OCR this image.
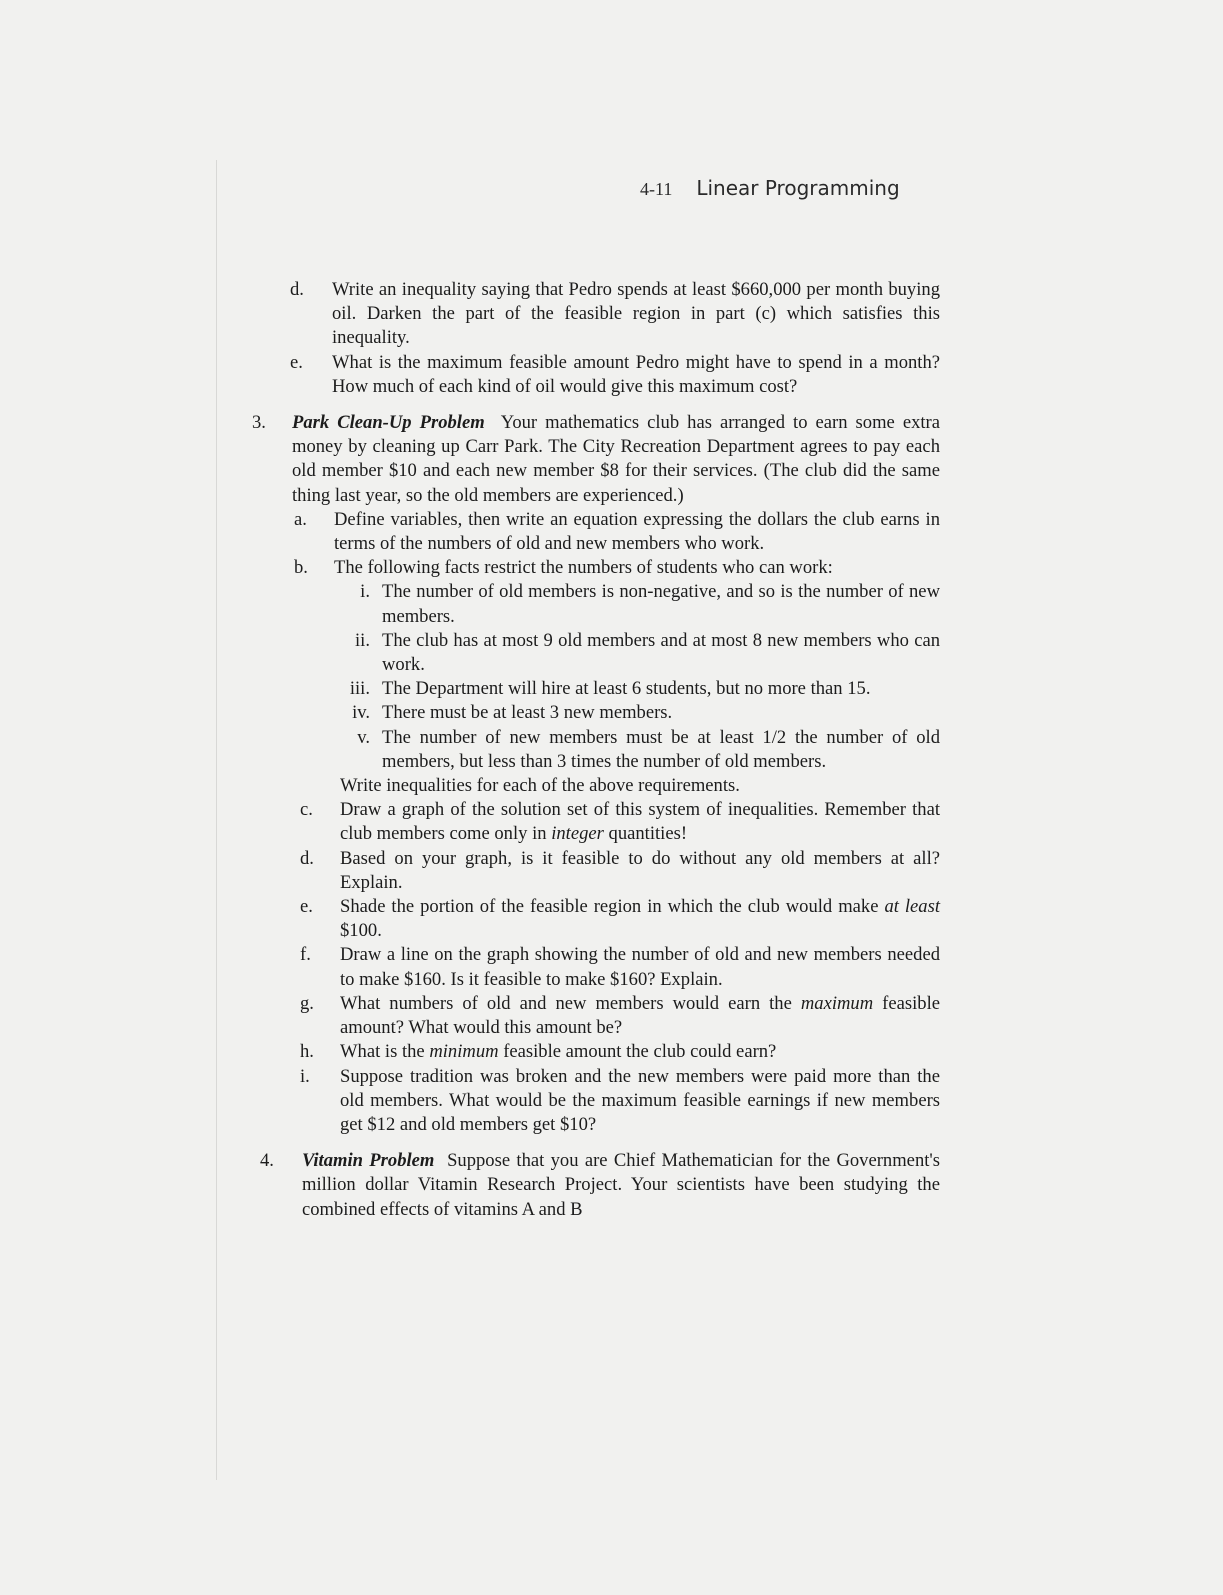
4-11 Linear Programming
d. Write an inequality saying that Pedro spends at least $660,000 per month buying oil. Darken the part of the feasible region in part (c) which satisfies this inequality.
e. What is the maximum feasible amount Pedro might have to spend in a month? How much of each kind of oil would give this maximum cost?
3. Park Clean-Up Problem Your mathematics club has arranged to earn some extra money by cleaning up Carr Park. The City Recreation Department agrees to pay each old member $10 and each new member $8 for their services. (The club did the same thing last year, so the old members are experienced.)
a. Define variables, then write an equation expressing the dollars the club earns in terms of the numbers of old and new members who work.
b. The following facts restrict the numbers of students who can work:
i. The number of old members is non-negative, and so is the number of new members.
ii. The club has at most 9 old members and at most 8 new members who can work.
iii. The Department will hire at least 6 students, but no more than 15.
iv. There must be at least 3 new members.
v. The number of new members must be at least 1/2 the number of old members, but less than 3 times the number of old members.
Write inequalities for each of the above requirements.
c. Draw a graph of the solution set of this system of inequalities. Remember that club members come only in integer quantities!
d. Based on your graph, is it feasible to do without any old members at all? Explain.
e. Shade the portion of the feasible region in which the club would make at least $100.
f. Draw a line on the graph showing the number of old and new members needed to make $160. Is it feasible to make $160? Explain.
g. What numbers of old and new members would earn the maximum feasible amount? What would this amount be?
h. What is the minimum feasible amount the club could earn?
i. Suppose tradition was broken and the new members were paid more than the old members. What would be the maximum feasible earnings if new members get $12 and old members get $10?
4. Vitamin Problem Suppose that you are Chief Mathematician for the Government's million dollar Vitamin Research Project. Your scientists have been studying the combined effects of vitamins A and B
